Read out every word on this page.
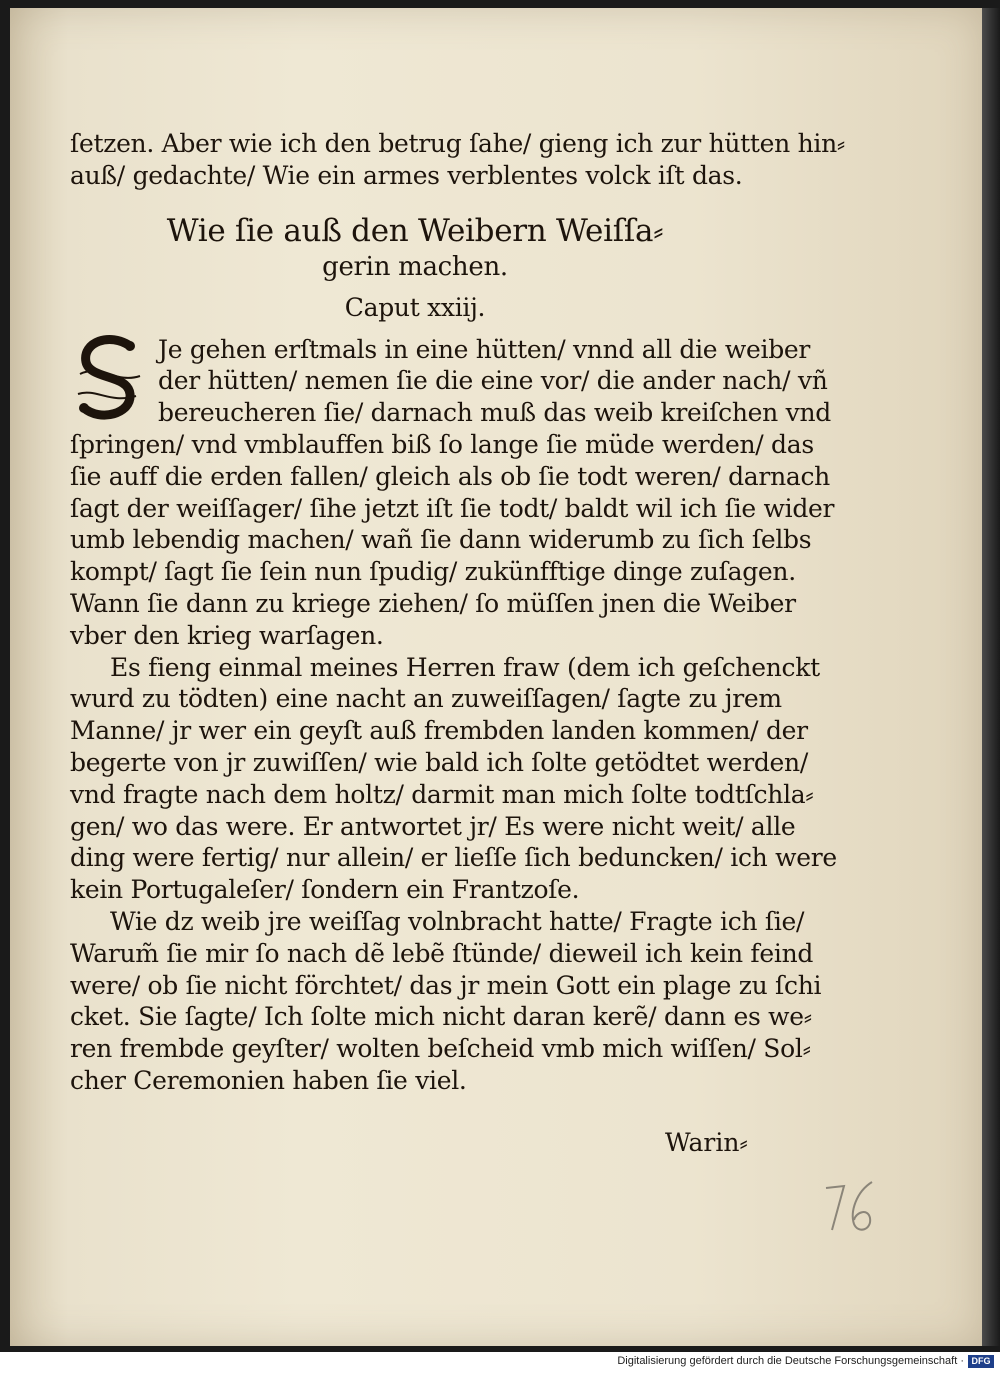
ſetzen. Aber wie ich den betrug ſahe/ gieng ich zur hütten hin⸗
auß/ gedachte/ Wie ein armes verblentes volck iſt das.
Wie ſie auß den Weibern Weiſſa⸗
gerin machen.
Caput xxiij.
Je gehen erſtmals in eine hütten/ vnnd all die weiber
der hütten/ nemen ſie die eine vor/ die ander nach/ vñ
bereucheren ſie/ darnach muß das weib kreiſchen vnd
ſpringen/ vnd vmblauffen biß ſo lange ſie müde werden/ das
ſie auff die erden fallen/ gleich als ob ſie todt weren/ darnach
ſagt der weiſſager/ ſihe jetzt iſt ſie todt/ baldt wil ich ſie wider
umb lebendig machen/ wañ ſie dann widerumb zu ſich ſelbs
kompt/ ſagt ſie ſein nun ſpudig/ zukünfftige dinge zuſagen.
Wann ſie dann zu kriege ziehen/ ſo müſſen jnen die Weiber
vber den krieg warſagen.
Es fieng einmal meines Herren fraw (dem ich geſchenckt
wurd zu tödten) eine nacht an zuweiſſagen/ ſagte zu jrem
Manne/ jr wer ein geyſt auß frembden landen kommen/ der
begerte von jr zuwiſſen/ wie bald ich ſolte getödtet werden/
vnd fragte nach dem holtz/ darmit man mich ſolte todtſchla⸗
gen/ wo das were. Er antwortet jr/ Es were nicht weit/ alle
ding were fertig/ nur allein/ er lieſſe ſich beduncken/ ich were
kein Portugaleſer/ ſondern ein Frantzoſe.
Wie dz weib jre weiſſag volnbracht hatte/ Fragte ich ſie/
Warum̃ ſie mir ſo nach dẽ lebẽ ſtünde/ dieweil ich kein feind
were/ ob ſie nicht förchtet/ das jr mein Gott ein plage zu ſchi
cket. Sie ſagte/ Ich ſolte mich nicht daran kerẽ/ dann es we⸗
ren frembde geyſter/ wolten beſcheid vmb mich wiſſen/ Sol⸗
cher Ceremonien haben ſie viel.
Warin⸗
Digitalisierung gefördert durch die Deutsche Forschungsgemeinschaft · DFG
